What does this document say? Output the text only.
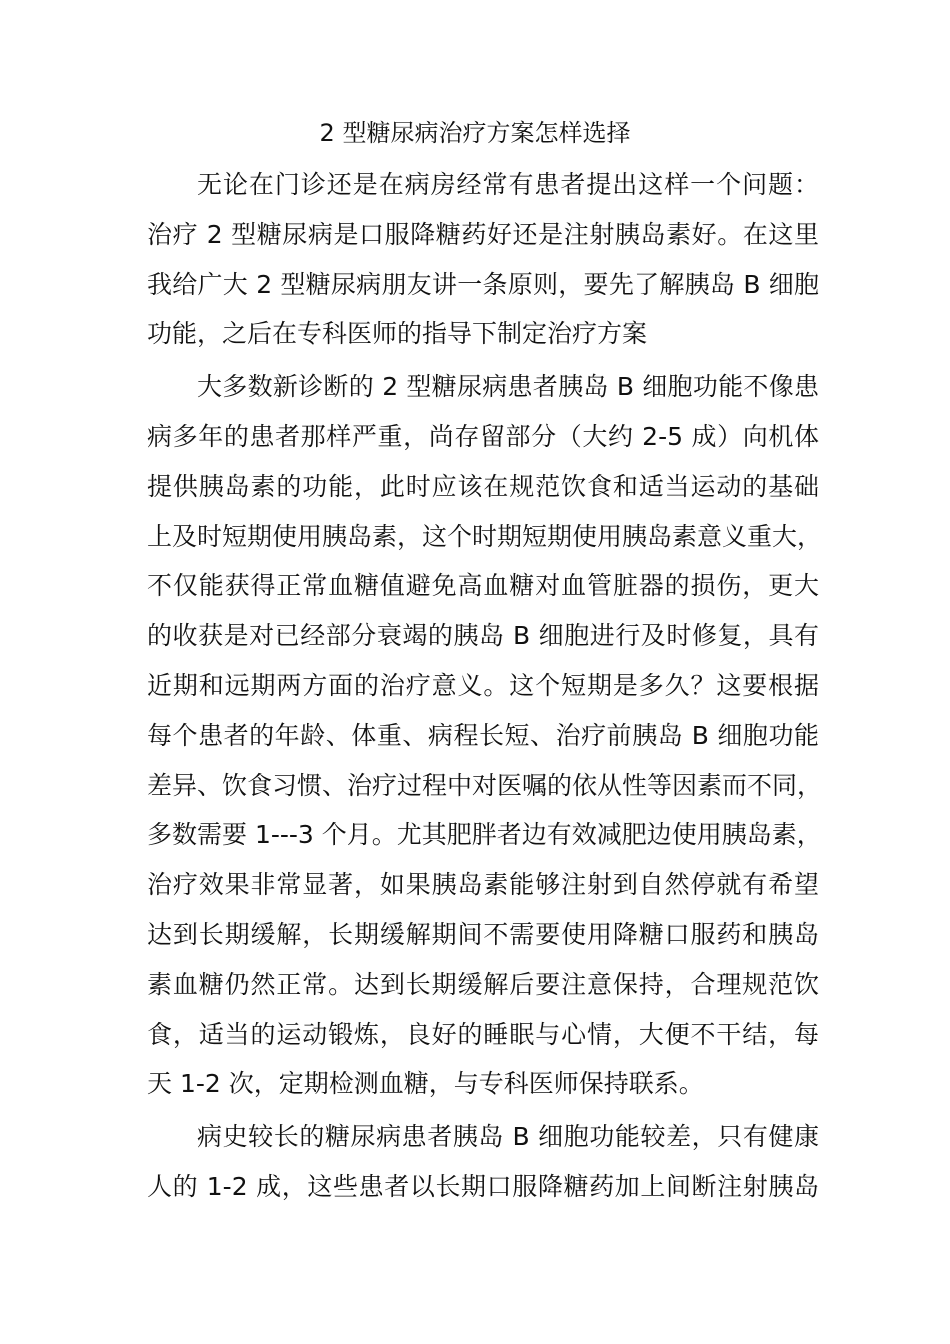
2 型糖尿病治疗方案怎样选择
无论在门诊还是在病房经常有患者提出这样一个问题：
治疗 2 型糖尿病是口服降糖药好还是注射胰岛素好。在这里
我给广大 2 型糖尿病朋友讲一条原则，要先了解胰岛 B 细胞
功能，之后在专科医师的指导下制定治疗方案
大多数新诊断的 2 型糖尿病患者胰岛 B 细胞功能不像患
病多年的患者那样严重，尚存留部分（大约 2-5 成）向机体
提供胰岛素的功能，此时应该在规范饮食和适当运动的基础
上及时短期使用胰岛素，这个时期短期使用胰岛素意义重大，
不仅能获得正常血糖值避免高血糖对血管脏器的损伤，更大
的收获是对已经部分衰竭的胰岛 B 细胞进行及时修复，具有
近期和远期两方面的治疗意义。这个短期是多久？这要根据
每个患者的年龄、体重、病程长短、治疗前胰岛 B 细胞功能
差异、饮食习惯、治疗过程中对医嘱的依从性等因素而不同，
多数需要 1---3 个月。尤其肥胖者边有效减肥边使用胰岛素，
治疗效果非常显著，如果胰岛素能够注射到自然停就有希望
达到长期缓解，长期缓解期间不需要使用降糖口服药和胰岛
素血糖仍然正常。达到长期缓解后要注意保持，合理规范饮
食，适当的运动锻炼，良好的睡眠与心情，大便不干结，每
天 1-2 次，定期检测血糖，与专科医师保持联系。
病史较长的糖尿病患者胰岛 B 细胞功能较差，只有健康
人的 1-2 成，这些患者以长期口服降糖药加上间断注射胰岛
